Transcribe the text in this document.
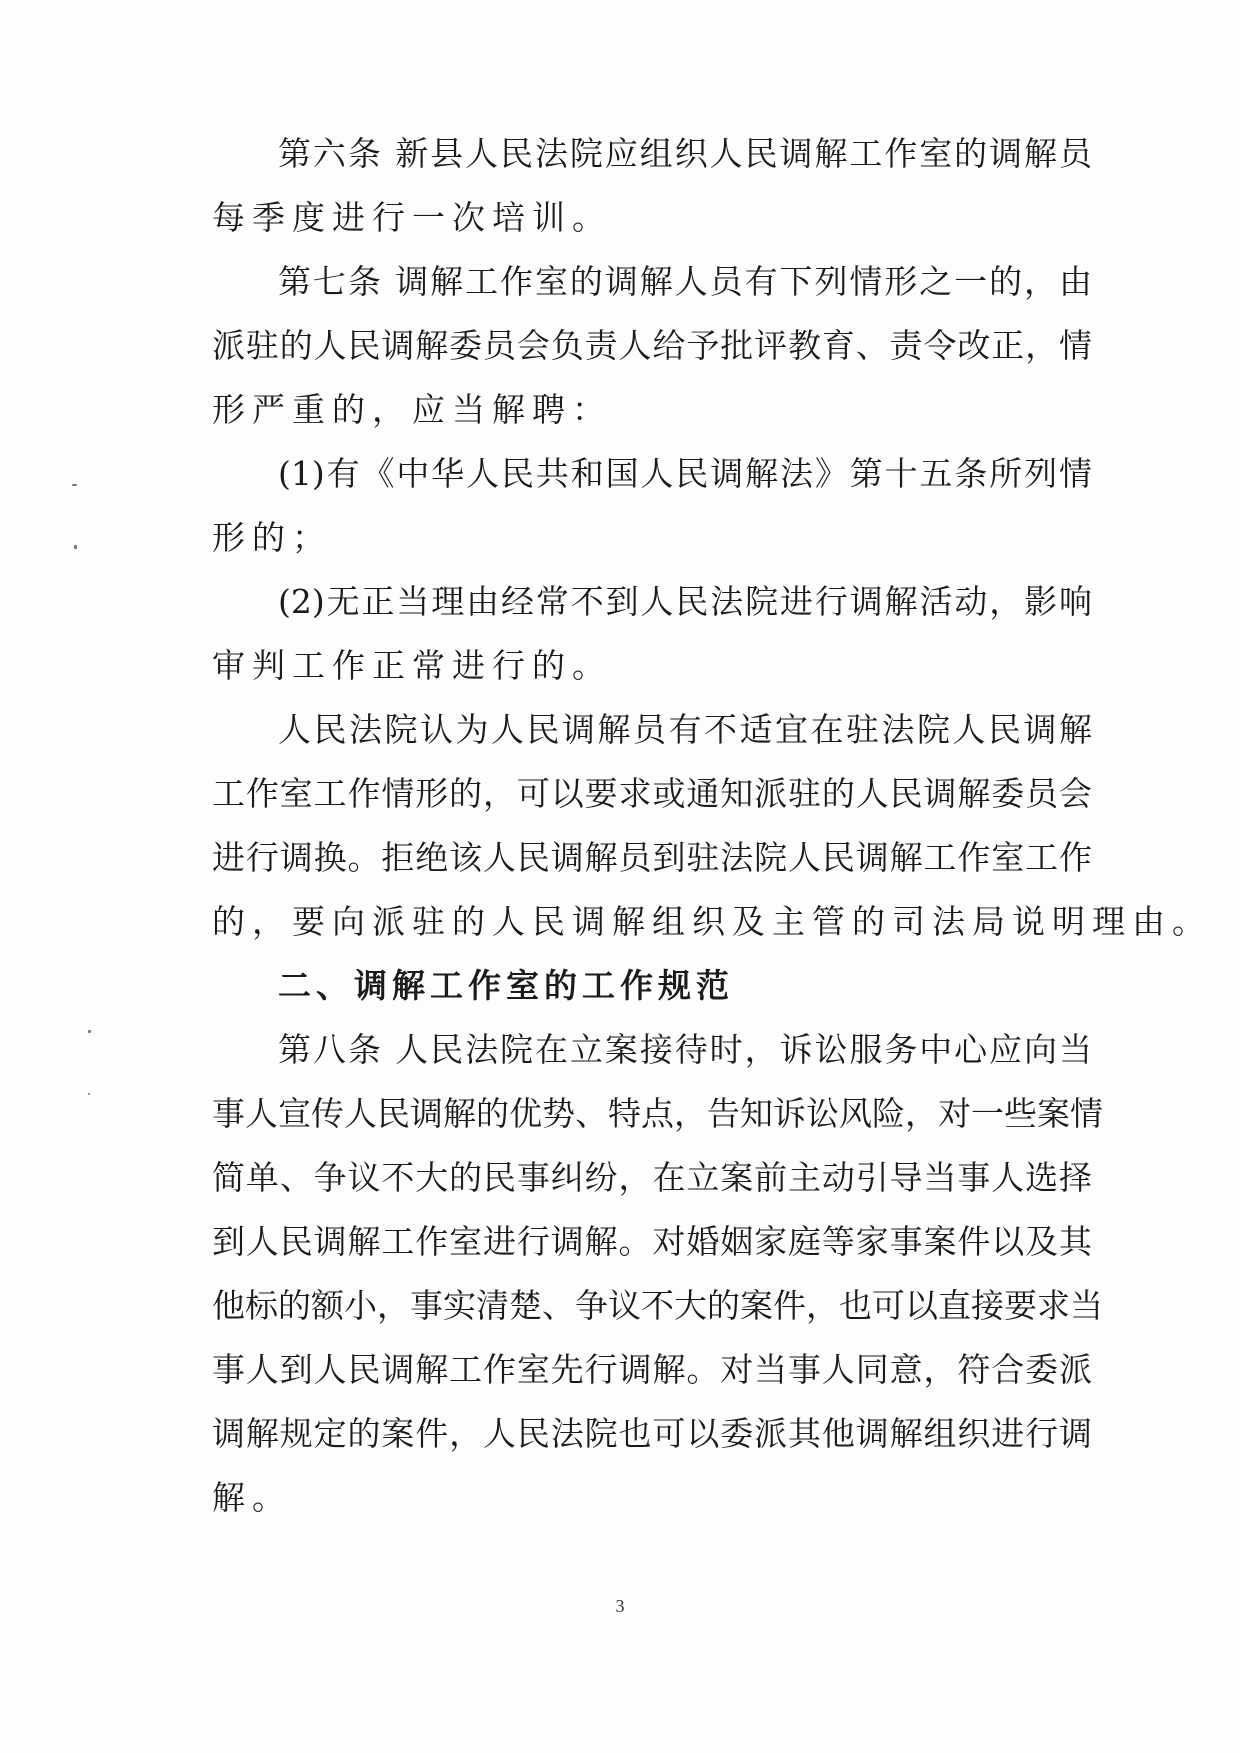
第六条 新县人民法院应组织人民调解工作室的调解员
每季度进行一次培训。
第七条 调解工作室的调解人员有下列情形之一的，由
派驻的人民调解委员会负责人给予批评教育、责令改正，情
形严重的，应当解聘：
(1)有《中华人民共和国人民调解法》第十五条所列情
形的；
(2)无正当理由经常不到人民法院进行调解活动，影响
审判工作正常进行的。
人民法院认为人民调解员有不适宜在驻法院人民调解
工作室工作情形的，可以要求或通知派驻的人民调解委员会
进行调换。拒绝该人民调解员到驻法院人民调解工作室工作
的，要向派驻的人民调解组织及主管的司法局说明理由。
二、调解工作室的工作规范
第八条 人民法院在立案接待时，诉讼服务中心应向当
事人宣传人民调解的优势、特点，告知诉讼风险，对一些案情
简单、争议不大的民事纠纷，在立案前主动引导当事人选择
到人民调解工作室进行调解。对婚姻家庭等家事案件以及其
他标的额小，事实清楚、争议不大的案件，也可以直接要求当
事人到人民调解工作室先行调解。对当事人同意，符合委派
调解规定的案件，人民法院也可以委派其他调解组织进行调
解。
3
